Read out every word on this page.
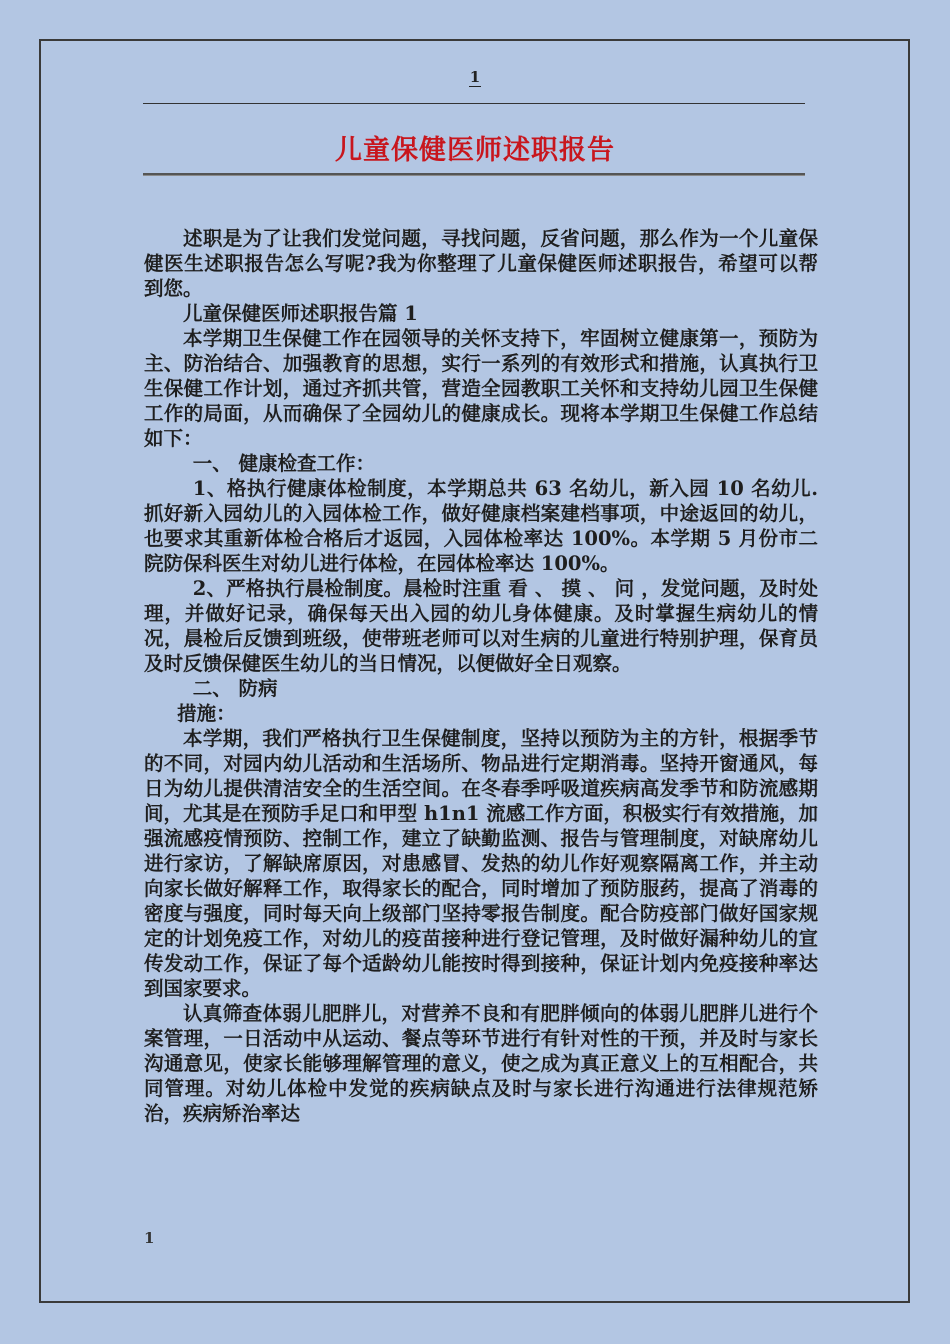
1
儿童保健医师述职报告

述职是为了让我们发觉问题，寻找问题，反省问题，那么作为一个儿童保健医生述职报告怎么写呢?我为你整理了儿童保健医师述职报告，希望可以帮到您。

儿童保健医师述职报告篇 1

本学期卫生保健工作在园领导的关怀支持下，牢固树立健康第一，预防为主、防治结合、加强教育的思想，实行一系列的有效形式和措施，认真执行卫生保健工作计划，通过齐抓共管，营造全园教职工关怀和支持幼儿园卫生保健工作的局面，从而确保了全园幼儿的健康成长。现将本学期卫生保健工作总结如下：

一、 健康检查工作：

1、格执行健康体检制度，本学期总共 63 名幼儿，新入园 10 名幼儿.抓好新入园幼儿的入园体检工作，做好健康档案建档事项，中途返回的幼儿，也要求其重新体检合格后才返园，入园体检率达 100%。本学期 5 月份市二院防保科医生对幼儿进行体检，在园体检率达 100%。

2、严格执行晨检制度。晨检时注重 看 、 摸 、 问 ，发觉问题，及时处理，并做好记录，确保每天出入园的幼儿身体健康。及时掌握生病幼儿的情况，晨检后反馈到班级，使带班老师可以对生病的儿童进行特别护理，保育员及时反馈保健医生幼儿的当日情况，以便做好全日观察。

二、 防病

措施：

本学期，我们严格执行卫生保健制度，坚持以预防为主的方针，根据季节的不同，对园内幼儿活动和生活场所、物品进行定期消毒。坚持开窗通风，每日为幼儿提供清洁安全的生活空间。在冬春季呼吸道疾病高发季节和防流感期间，尤其是在预防手足口和甲型 h1n1 流感工作方面，积极实行有效措施，加强流感疫情预防、控制工作，建立了缺勤监测、报告与管理制度，对缺席幼儿进行家访，了解缺席原因，对患感冒、发热的幼儿作好观察隔离工作，并主动向家长做好解释工作，取得家长的配合，同时增加了预防服药，提高了消毒的密度与强度，同时每天向上级部门坚持零报告制度。配合防疫部门做好国家规定的计划免疫工作，对幼儿的疫苗接种进行登记管理，及时做好漏种幼儿的宣传发动工作，保证了每个适龄幼儿能按时得到接种，保证计划内免疫接种率达到国家要求。

认真筛查体弱儿肥胖儿，对营养不良和有肥胖倾向的体弱儿肥胖儿进行个案管理，一日活动中从运动、餐点等环节进行有针对性的干预，并及时与家长沟通意见，使家长能够理解管理的意义，使之成为真正意义上的互相配合，共同管理。对幼儿体检中发觉的疾病缺点及时与家长进行沟通进行法律规范矫治，疾病矫治率达

1
